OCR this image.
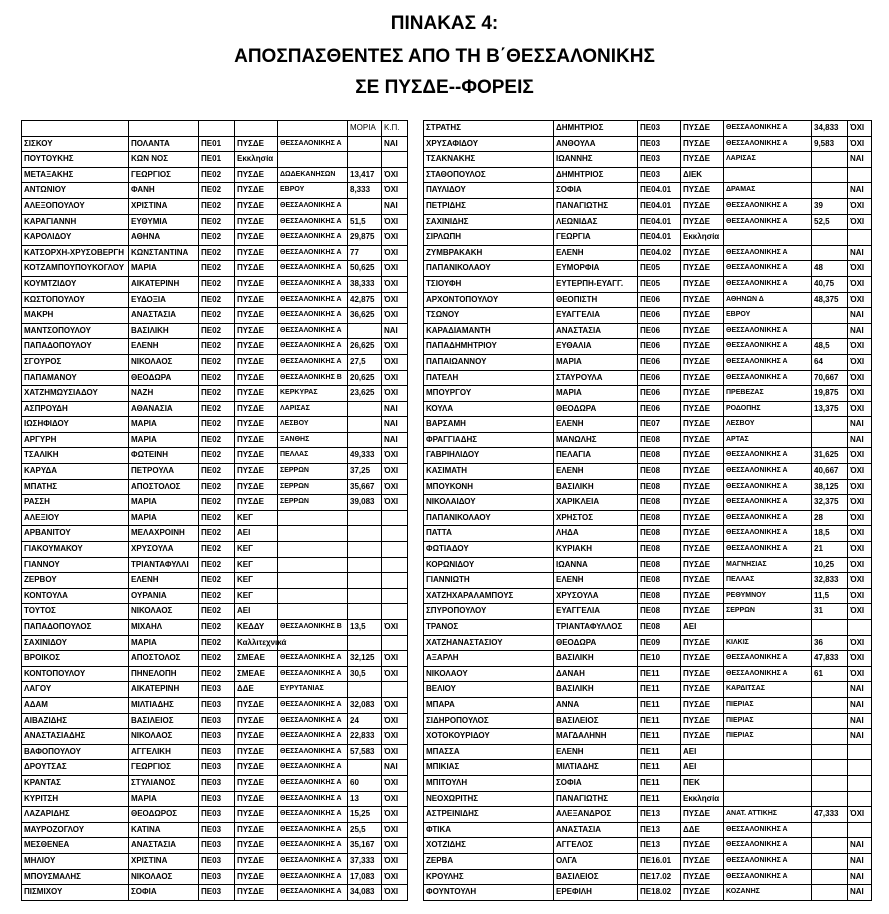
ΠΙΝΑΚΑΣ 4:
ΑΠΟΣΠΑΣΘΕΝΤΕΣ ΑΠΟ ΤΗ Β΄ΘΕΣΣΑΛΟΝΙΚΗΣ
ΣΕ ΠΥΣΔΕ--ΦΟΡΕΙΣ
					ΜΟΡΙΑ	Κ.Π.
ΣΙΣΚΟΥ	ΠΟΛΑΝΤΑ	ΠΕ01	ΠΥΣΔΕ	ΘΕΣΣΑΛΟΝΙΚΗΣ Α		ΝΑΙ
ΠΟΥΤΟΥΚΗΣ	ΚΩΝ ΝΟΣ	ΠΕ01	Εκκλησία			
ΜΕΤΑΞΑΚΗΣ	ΓΕΩΡΓΙΟΣ	ΠΕ02	ΠΥΣΔΕ	ΔΩΔΕΚΑΝΗΣΩΝ	13,417	ΌΧΙ
ΑΝΤΩΝΙΟΥ	ΦΑΝΗ	ΠΕ02	ΠΥΣΔΕ	ΕΒΡΟΥ	8,333	ΌΧΙ
ΑΛΕΞΟΠΟΥΛΟΥ	ΧΡΙΣΤΙΝΑ	ΠΕ02	ΠΥΣΔΕ	ΘΕΣΣΑΛΟΝΙΚΗΣ Α		ΝΑΙ
ΚΑΡΑΓΙΑΝΝΗ	ΕΥΘΥΜΙΑ	ΠΕ02	ΠΥΣΔΕ	ΘΕΣΣΑΛΟΝΙΚΗΣ Α	51,5	ΌΧΙ
ΚΑΡΟΛΙΔΟΥ	ΑΘΗΝΑ	ΠΕ02	ΠΥΣΔΕ	ΘΕΣΣΑΛΟΝΙΚΗΣ Α	29,875	ΌΧΙ
ΚΑΤΣΟΡΧΗ-ΧΡΥΣΟΒΕΡΓΗ	ΚΩΝΣΤΑΝΤΙΝΑ	ΠΕ02	ΠΥΣΔΕ	ΘΕΣΣΑΛΟΝΙΚΗΣ Α	77	ΌΧΙ
ΚΟΤΖΑΜΠΟΥΠΟΥΚΟΓΛΟΥ	ΜΑΡΙΑ	ΠΕ02	ΠΥΣΔΕ	ΘΕΣΣΑΛΟΝΙΚΗΣ Α	50,625	ΌΧΙ
ΚΟΥΜΤΖΙΔΟΥ	ΑΙΚΑΤΕΡΙΝΗ	ΠΕ02	ΠΥΣΔΕ	ΘΕΣΣΑΛΟΝΙΚΗΣ Α	38,333	ΌΧΙ
ΚΩΣΤΟΠΟΥΛΟΥ	ΕΥΔΟΞΙΑ	ΠΕ02	ΠΥΣΔΕ	ΘΕΣΣΑΛΟΝΙΚΗΣ Α	42,875	ΌΧΙ
ΜΑΚΡΗ	ΑΝΑΣΤΑΣΙΑ	ΠΕ02	ΠΥΣΔΕ	ΘΕΣΣΑΛΟΝΙΚΗΣ Α	36,625	ΌΧΙ
ΜΑΝΤΣΟΠΟΥΛΟΥ	ΒΑΣΙΛΙΚΗ	ΠΕ02	ΠΥΣΔΕ	ΘΕΣΣΑΛΟΝΙΚΗΣ Α		ΝΑΙ
ΠΑΠΑΔΟΠΟΥΛΟΥ	ΕΛΕΝΗ	ΠΕ02	ΠΥΣΔΕ	ΘΕΣΣΑΛΟΝΙΚΗΣ Α	26,625	ΌΧΙ
ΣΓΟΥΡΟΣ	ΝΙΚΟΛΑΟΣ	ΠΕ02	ΠΥΣΔΕ	ΘΕΣΣΑΛΟΝΙΚΗΣ Α	27,5	ΌΧΙ
ΠΑΠΑΜΑΝΟΥ	ΘΕΟΔΩΡΑ	ΠΕ02	ΠΥΣΔΕ	ΘΕΣΣΑΛΟΝΙΚΗΣ Β	20,625	ΌΧΙ
ΧΑΤΖΗΜΩΥΣΙΑΔΟΥ	ΝΑΖΗ	ΠΕ02	ΠΥΣΔΕ	ΚΕΡΚΥΡΑΣ	23,625	ΌΧΙ
ΑΣΠΡΟΥΔΗ	ΑΘΑΝΑΣΙΑ	ΠΕ02	ΠΥΣΔΕ	ΛΑΡΙΣΑΣ		ΝΑΙ
ΙΩΣΗΦΙΔΟΥ	ΜΑΡΙΑ	ΠΕ02	ΠΥΣΔΕ	ΛΕΣΒΟΥ		ΝΑΙ
ΑΡΓΥΡΗ	ΜΑΡΙΑ	ΠΕ02	ΠΥΣΔΕ	ΞΑΝΘΗΣ		ΝΑΙ
ΤΣΑΛΙΚΗ	ΦΩΤΕΙΝΗ	ΠΕ02	ΠΥΣΔΕ	ΠΕΛΛΑΣ	49,333	ΌΧΙ
ΚΑΡΥΔΑ	ΠΕΤΡΟΥΛΑ	ΠΕ02	ΠΥΣΔΕ	ΣΕΡΡΩΝ	37,25	ΌΧΙ
ΜΠΑΤΗΣ	ΑΠΟΣΤΟΛΟΣ	ΠΕ02	ΠΥΣΔΕ	ΣΕΡΡΩΝ	35,667	ΌΧΙ
ΡΑΣΣΗ	ΜΑΡΙΑ	ΠΕ02	ΠΥΣΔΕ	ΣΕΡΡΩΝ	39,083	ΌΧΙ
ΑΛΕΞΙΟΥ	ΜΑΡΙΑ	ΠΕ02	ΚΕΓ			
ΑΡΒΑΝΙΤΟΥ	ΜΕΛΑΧΡΟΙΝΗ	ΠΕ02	ΑΕΙ			
ΓΙΑΚΟΥΜΑΚΟΥ	ΧΡΥΣΟΥΛΑ	ΠΕ02	ΚΕΓ			
ΓΙΑΝΝΟΥ	ΤΡΙΑΝΤΑΦΥΛΛΙ	ΠΕ02	ΚΕΓ			
ΖΕΡΒΟΥ	ΕΛΕΝΗ	ΠΕ02	ΚΕΓ			
ΚΟΝΤΟΥΛΑ	ΟΥΡΑΝΙΑ	ΠΕ02	ΚΕΓ			
ΤΟΥΤΟΣ	ΝΙΚΟΛΑΟΣ	ΠΕ02	ΑΕΙ			
ΠΑΠΑΔΟΠΟΥΛΟΣ	ΜΙΧΑΗΛ	ΠΕ02	ΚΕΔΔΥ	ΘΕΣΣΑΛΟΝΙΚΗΣ Β	13,5	ΌΧΙ
ΣΑΧΙΝΙΔΟΥ	ΜΑΡΙΑ	ΠΕ02	Καλλιτεχνικά			
ΒΡΟΙΚΟΣ	ΑΠΟΣΤΟΛΟΣ	ΠΕ02	ΣΜΕΑΕ	ΘΕΣΣΑΛΟΝΙΚΗΣ Α	32,125	ΌΧΙ
ΚΟΝΤΟΠΟΥΛΟΥ	ΠΗΝΕΛΟΠΗ	ΠΕ02	ΣΜΕΑΕ	ΘΕΣΣΑΛΟΝΙΚΗΣ Α	30,5	ΌΧΙ
ΛΑΓΟΥ	ΑΙΚΑΤΕΡΙΝΗ	ΠΕ03	ΔΔΕ	ΕΥΡΥΤΑΝΙΑΣ		
ΑΔΑΜ	ΜΙΛΤΙΑΔΗΣ	ΠΕ03	ΠΥΣΔΕ	ΘΕΣΣΑΛΟΝΙΚΗΣ Α	32,083	ΌΧΙ
ΑΙΒΑΖΙΔΗΣ	ΒΑΣΙΛΕΙΟΣ	ΠΕ03	ΠΥΣΔΕ	ΘΕΣΣΑΛΟΝΙΚΗΣ Α	24	ΌΧΙ
ΑΝΑΣΤΑΣΙΑΔΗΣ	ΝΙΚΟΛΑΟΣ	ΠΕ03	ΠΥΣΔΕ	ΘΕΣΣΑΛΟΝΙΚΗΣ Α	22,833	ΌΧΙ
ΒΑΦΟΠΟΥΛΟΥ	ΑΓΓΕΛΙΚΗ	ΠΕ03	ΠΥΣΔΕ	ΘΕΣΣΑΛΟΝΙΚΗΣ Α	57,583	ΌΧΙ
ΔΡΟΥΤΣΑΣ	ΓΕΩΡΓΙΟΣ	ΠΕ03	ΠΥΣΔΕ	ΘΕΣΣΑΛΟΝΙΚΗΣ Α		ΝΑΙ
ΚΡΑΝΤΑΣ	ΣΤΥΛΙΑΝΟΣ	ΠΕ03	ΠΥΣΔΕ	ΘΕΣΣΑΛΟΝΙΚΗΣ Α	60	ΌΧΙ
ΚΥΡΙΤΣΗ	ΜΑΡΙΑ	ΠΕ03	ΠΥΣΔΕ	ΘΕΣΣΑΛΟΝΙΚΗΣ Α	13	ΌΧΙ
ΛΑΖΑΡΙΔΗΣ	ΘΕΟΔΩΡΟΣ	ΠΕ03	ΠΥΣΔΕ	ΘΕΣΣΑΛΟΝΙΚΗΣ Α	15,25	ΌΧΙ
ΜΑΥΡΟΖΟΓΛΟΥ	ΚΑΤΙΝΑ	ΠΕ03	ΠΥΣΔΕ	ΘΕΣΣΑΛΟΝΙΚΗΣ Α	25,5	ΌΧΙ
ΜΕΣΘΕΝΕΑ	ΑΝΑΣΤΑΣΙΑ	ΠΕ03	ΠΥΣΔΕ	ΘΕΣΣΑΛΟΝΙΚΗΣ Α	35,167	ΌΧΙ
ΜΗΛΙΟΥ	ΧΡΙΣΤΙΝΑ	ΠΕ03	ΠΥΣΔΕ	ΘΕΣΣΑΛΟΝΙΚΗΣ Α	37,333	ΌΧΙ
ΜΠΟΥΣΜΑΛΗΣ	ΝΙΚΟΛΑΟΣ	ΠΕ03	ΠΥΣΔΕ	ΘΕΣΣΑΛΟΝΙΚΗΣ Α	17,083	ΌΧΙ
ΠΙΣΜΙΧΟΥ	ΣΟΦΙΑ	ΠΕ03	ΠΥΣΔΕ	ΘΕΣΣΑΛΟΝΙΚΗΣ Α	34,083	ΌΧΙ
ΣΤΡΑΤΗΣ	ΔΗΜΗΤΡΙΟΣ	ΠΕ03	ΠΥΣΔΕ	ΘΕΣΣΑΛΟΝΙΚΗΣ Α	34,833	ΌΧΙ
ΧΡΥΣΑΦΙΔΟΥ	ΑΝΘΟΥΛΑ	ΠΕ03	ΠΥΣΔΕ	ΘΕΣΣΑΛΟΝΙΚΗΣ Α	9,583	ΌΧΙ
ΤΣΑΚΝΑΚΗΣ	ΙΩΑΝΝΗΣ	ΠΕ03	ΠΥΣΔΕ	ΛΑΡΙΣΑΣ		ΝΑΙ
ΣΤΑΘΟΠΟΥΛΟΣ	ΔΗΜΗΤΡΙΟΣ	ΠΕ03	ΔΙΕΚ			
ΠΑΥΛΙΔΟΥ	ΣΟΦΙΑ	ΠΕ04.01	ΠΥΣΔΕ	ΔΡΑΜΑΣ		ΝΑΙ
ΠΕΤΡΙΔΗΣ	ΠΑΝΑΓΙΩΤΗΣ	ΠΕ04.01	ΠΥΣΔΕ	ΘΕΣΣΑΛΟΝΙΚΗΣ Α	39	ΌΧΙ
ΣΑΧΙΝΙΔΗΣ	ΛΕΩΝΙΔΑΣ	ΠΕ04.01	ΠΥΣΔΕ	ΘΕΣΣΑΛΟΝΙΚΗΣ Α	52,5	ΌΧΙ
ΣΙΡΛΩΠΗ	ΓΕΩΡΓΙΑ	ΠΕ04.01	Εκκλησία			
ΖΥΜΒΡΑΚΑΚΗ	ΕΛΕΝΗ	ΠΕ04.02	ΠΥΣΔΕ	ΘΕΣΣΑΛΟΝΙΚΗΣ Α		ΝΑΙ
ΠΑΠΑΝΙΚΟΛΑΟΥ	ΕΥΜΟΡΦΙΑ	ΠΕ05	ΠΥΣΔΕ	ΘΕΣΣΑΛΟΝΙΚΗΣ Α	48	ΌΧΙ
ΤΣΙΟΥΦΗ	ΕΥΤΕΡΠΗ-ΕΥΑΓΓ.	ΠΕ05	ΠΥΣΔΕ	ΘΕΣΣΑΛΟΝΙΚΗΣ Α	40,75	ΌΧΙ
ΑΡΧΟΝΤΟΠΟΥΛΟΥ	ΘΕΟΠΙΣΤΗ	ΠΕ06	ΠΥΣΔΕ	ΑΘΗΝΩΝ Δ	48,375	ΌΧΙ
ΤΣΩΝΟΥ	ΕΥΑΓΓΕΛΙΑ	ΠΕ06	ΠΥΣΔΕ	ΕΒΡΟΥ		ΝΑΙ
ΚΑΡΑΔΙΑΜΑΝΤΗ	ΑΝΑΣΤΑΣΙΑ	ΠΕ06	ΠΥΣΔΕ	ΘΕΣΣΑΛΟΝΙΚΗΣ Α		ΝΑΙ
ΠΑΠΑΔΗΜΗΤΡΙΟΥ	ΕΥΘΑΛΙΑ	ΠΕ06	ΠΥΣΔΕ	ΘΕΣΣΑΛΟΝΙΚΗΣ Α	48,5	ΌΧΙ
ΠΑΠΑΙΩΑΝΝΟΥ	ΜΑΡΙΑ	ΠΕ06	ΠΥΣΔΕ	ΘΕΣΣΑΛΟΝΙΚΗΣ Α	64	ΌΧΙ
ΠΑΤΕΛΗ	ΣΤΑΥΡΟΥΛΑ	ΠΕ06	ΠΥΣΔΕ	ΘΕΣΣΑΛΟΝΙΚΗΣ Α	70,667	ΌΧΙ
ΜΠΟΥΡΓΟΥ	ΜΑΡΙΑ	ΠΕ06	ΠΥΣΔΕ	ΠΡΕΒΕΖΑΣ	19,875	ΌΧΙ
ΚΟΥΛΑ	ΘΕΟΔΩΡΑ	ΠΕ06	ΠΥΣΔΕ	ΡΟΔΟΠΗΣ	13,375	ΌΧΙ
ΒΑΡΣΑΜΗ	ΕΛΕΝΗ	ΠΕ07	ΠΥΣΔΕ	ΛΕΣΒΟΥ		ΝΑΙ
ΦΡΑΓΓΙΑΔΗΣ	ΜΑΝΩΛΗΣ	ΠΕ08	ΠΥΣΔΕ	ΑΡΤΑΣ		ΝΑΙ
ΓΑΒΡΙΗΛΙΔΟΥ	ΠΕΛΑΓΙΑ	ΠΕ08	ΠΥΣΔΕ	ΘΕΣΣΑΛΟΝΙΚΗΣ Α	31,625	ΌΧΙ
ΚΑΣΙΜΑΤΗ	ΕΛΕΝΗ	ΠΕ08	ΠΥΣΔΕ	ΘΕΣΣΑΛΟΝΙΚΗΣ Α	40,667	ΌΧΙ
ΜΠΟΥΚΟΝΗ	ΒΑΣΙΛΙΚΗ	ΠΕ08	ΠΥΣΔΕ	ΘΕΣΣΑΛΟΝΙΚΗΣ Α	38,125	ΌΧΙ
ΝΙΚΟΛΑΙΔΟΥ	ΧΑΡΙΚΛΕΙΑ	ΠΕ08	ΠΥΣΔΕ	ΘΕΣΣΑΛΟΝΙΚΗΣ Α	32,375	ΌΧΙ
ΠΑΠΑΝΙΚΟΛΑΟΥ	ΧΡΗΣΤΟΣ	ΠΕ08	ΠΥΣΔΕ	ΘΕΣΣΑΛΟΝΙΚΗΣ Α	28	ΌΧΙ
ΠΑΤΤΑ	ΛΗΔΑ	ΠΕ08	ΠΥΣΔΕ	ΘΕΣΣΑΛΟΝΙΚΗΣ Α	18,5	ΌΧΙ
ΦΩΤΙΑΔΟΥ	ΚΥΡΙΑΚΗ	ΠΕ08	ΠΥΣΔΕ	ΘΕΣΣΑΛΟΝΙΚΗΣ Α	21	ΌΧΙ
ΚΟΡΩΝΙΔΟΥ	ΙΩΑΝΝΑ	ΠΕ08	ΠΥΣΔΕ	ΜΑΓΝΗΣΙΑΣ	10,25	ΌΧΙ
ΓΙΑΝΝΙΩΤΗ	ΕΛΕΝΗ	ΠΕ08	ΠΥΣΔΕ	ΠΕΛΛΑΣ	32,833	ΌΧΙ
ΧΑΤΖΗΧΑΡΑΛΑΜΠΟΥΣ	ΧΡΥΣΟΥΛΑ	ΠΕ08	ΠΥΣΔΕ	ΡΕΘΥΜΝΟΥ	11,5	ΌΧΙ
ΣΠΥΡΟΠΟΥΛΟΥ	ΕΥΑΓΓΕΛΙΑ	ΠΕ08	ΠΥΣΔΕ	ΣΕΡΡΩΝ	31	ΌΧΙ
ΤΡΑΝΟΣ	ΤΡΙΑΝΤΑΦΥΛΛΟΣ	ΠΕ08	ΑΕΙ			
ΧΑΤΖΗΑΝΑΣΤΑΣΙΟΥ	ΘΕΟΔΩΡΑ	ΠΕ09	ΠΥΣΔΕ	ΚΙΛΚΙΣ	36	ΌΧΙ
ΑΞΑΡΛΗ	ΒΑΣΙΛΙΚΗ	ΠΕ10	ΠΥΣΔΕ	ΘΕΣΣΑΛΟΝΙΚΗΣ Α	47,833	ΌΧΙ
ΝΙΚΟΛΑΟΥ	ΔΑΝΑΗ	ΠΕ11	ΠΥΣΔΕ	ΘΕΣΣΑΛΟΝΙΚΗΣ Α	61	ΌΧΙ
ΒΕΛΙΟΥ	ΒΑΣΙΛΙΚΗ	ΠΕ11	ΠΥΣΔΕ	ΚΑΡΔΙΤΣΑΣ		ΝΑΙ
ΜΠΑΡΑ	ΑΝΝΑ	ΠΕ11	ΠΥΣΔΕ	ΠΙΕΡΙΑΣ		ΝΑΙ
ΣΙΔΗΡΟΠΟΥΛΟΣ	ΒΑΣΙΛΕΙΟΣ	ΠΕ11	ΠΥΣΔΕ	ΠΙΕΡΙΑΣ		ΝΑΙ
ΧΟΤΟΚΟΥΡΙΔΟΥ	ΜΑΓΔΑΛΗΝΗ	ΠΕ11	ΠΥΣΔΕ	ΠΙΕΡΙΑΣ		ΝΑΙ
ΜΠΑΣΣΑ	ΕΛΕΝΗ	ΠΕ11	ΑΕΙ			
ΜΠΙΚΙΑΣ	ΜΙΛΤΙΑΔΗΣ	ΠΕ11	ΑΕΙ			
ΜΠΙΤΟΥΛΗ	ΣΟΦΙΑ	ΠΕ11	ΠΕΚ			
ΝΕΟΧΩΡΙΤΗΣ	ΠΑΝΑΓΙΩΤΗΣ	ΠΕ11	Εκκλησία			
ΑΣΤΡΕΙΝΙΔΗΣ	ΑΛΕΞΑΝΔΡΟΣ	ΠΕ13	ΠΥΣΔΕ	ΑΝΑΤ. ΑΤΤΙΚΗΣ	47,333	ΌΧΙ
ΦΤΙΚΑ	ΑΝΑΣΤΑΣΙΑ	ΠΕ13	ΔΔΕ	ΘΕΣΣΑΛΟΝΙΚΗΣ Α		
ΧΟΤΖΙΔΗΣ	ΑΓΓΕΛΟΣ	ΠΕ13	ΠΥΣΔΕ	ΘΕΣΣΑΛΟΝΙΚΗΣ Α		ΝΑΙ
ΖΕΡΒΑ	ΟΛΓΑ	ΠΕ16.01	ΠΥΣΔΕ	ΘΕΣΣΑΛΟΝΙΚΗΣ Α		ΝΑΙ
ΚΡΟΥΛΗΣ	ΒΑΣΙΛΕΙΟΣ	ΠΕ17.02	ΠΥΣΔΕ	ΘΕΣΣΑΛΟΝΙΚΗΣ Α		ΝΑΙ
ΦΟΥΝΤΟΥΛΗ	ΕΡΕΦΙΛΗ	ΠΕ18.02	ΠΥΣΔΕ	ΚΟΖΑΝΗΣ		ΝΑΙ
